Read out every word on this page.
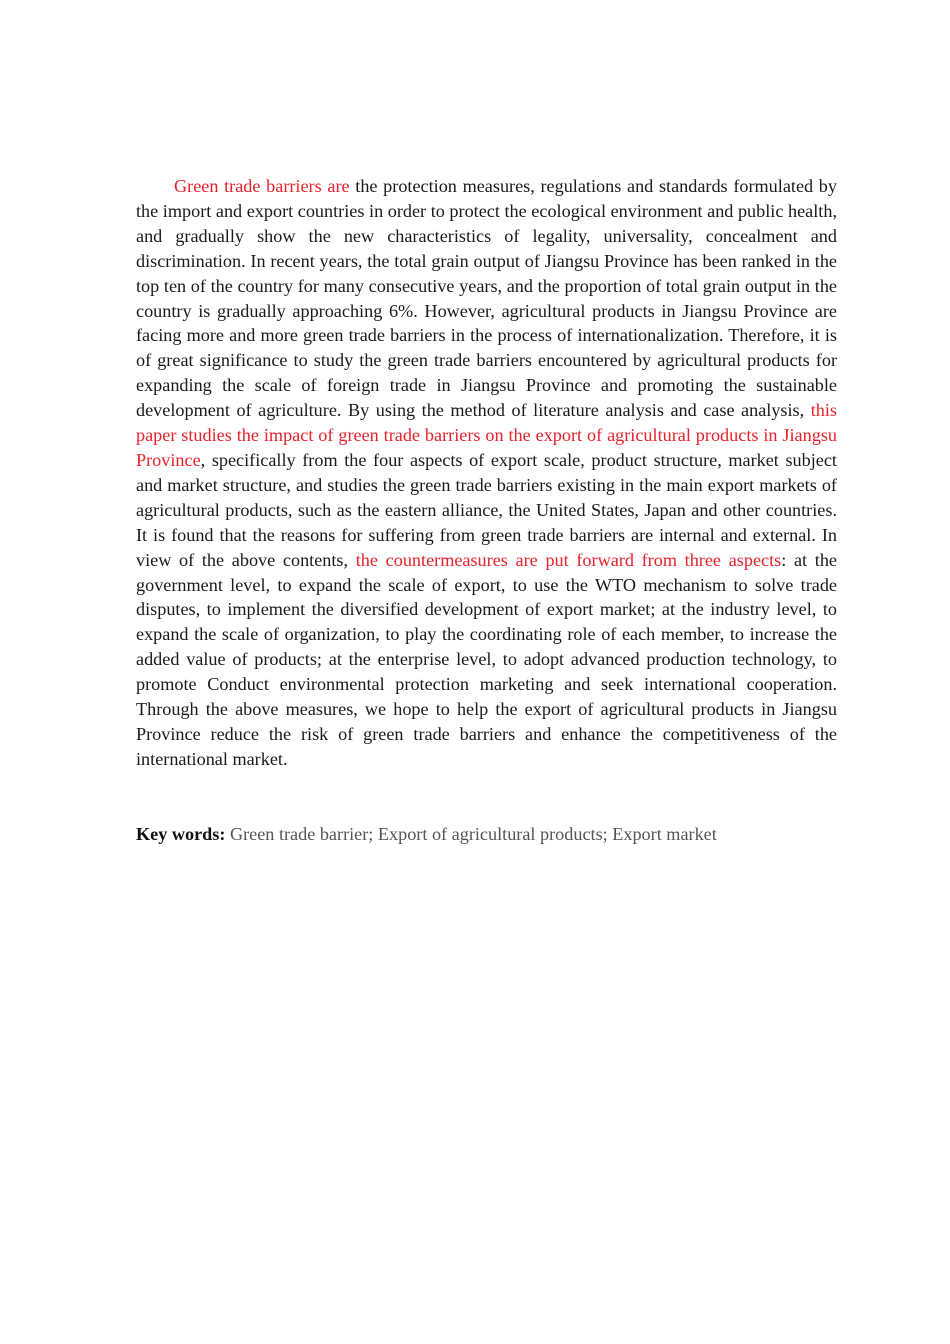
Green trade barriers are the protection measures, regulations and standards formulated by the import and export countries in order to protect the ecological environment and public health, and gradually show the new characteristics of legality, universality, concealment and discrimination. In recent years, the total grain output of Jiangsu Province has been ranked in the top ten of the country for many consecutive years, and the proportion of total grain output in the country is gradually approaching 6%. However, agricultural products in Jiangsu Province are facing more and more green trade barriers in the process of internationalization. Therefore, it is of great significance to study the green trade barriers encountered by agricultural products for expanding the scale of foreign trade in Jiangsu Province and promoting the sustainable development of agriculture. By using the method of literature analysis and case analysis, this paper studies the impact of green trade barriers on the export of agricultural products in Jiangsu Province, specifically from the four aspects of export scale, product structure, market subject and market structure, and studies the green trade barriers existing in the main export markets of agricultural products, such as the eastern alliance, the United States, Japan and other countries. It is found that the reasons for suffering from green trade barriers are internal and external. In view of the above contents, the countermeasures are put forward from three aspects: at the government level, to expand the scale of export, to use the WTO mechanism to solve trade disputes, to implement the diversified development of export market; at the industry level, to expand the scale of organization, to play the coordinating role of each member, to increase the added value of products; at the enterprise level, to adopt advanced production technology, to promote Conduct environmental protection marketing and seek international cooperation. Through the above measures, we hope to help the export of agricultural products in Jiangsu Province reduce the risk of green trade barriers and enhance the competitiveness of the international market.

Key words: Green trade barrier; Export of agricultural products; Export market
